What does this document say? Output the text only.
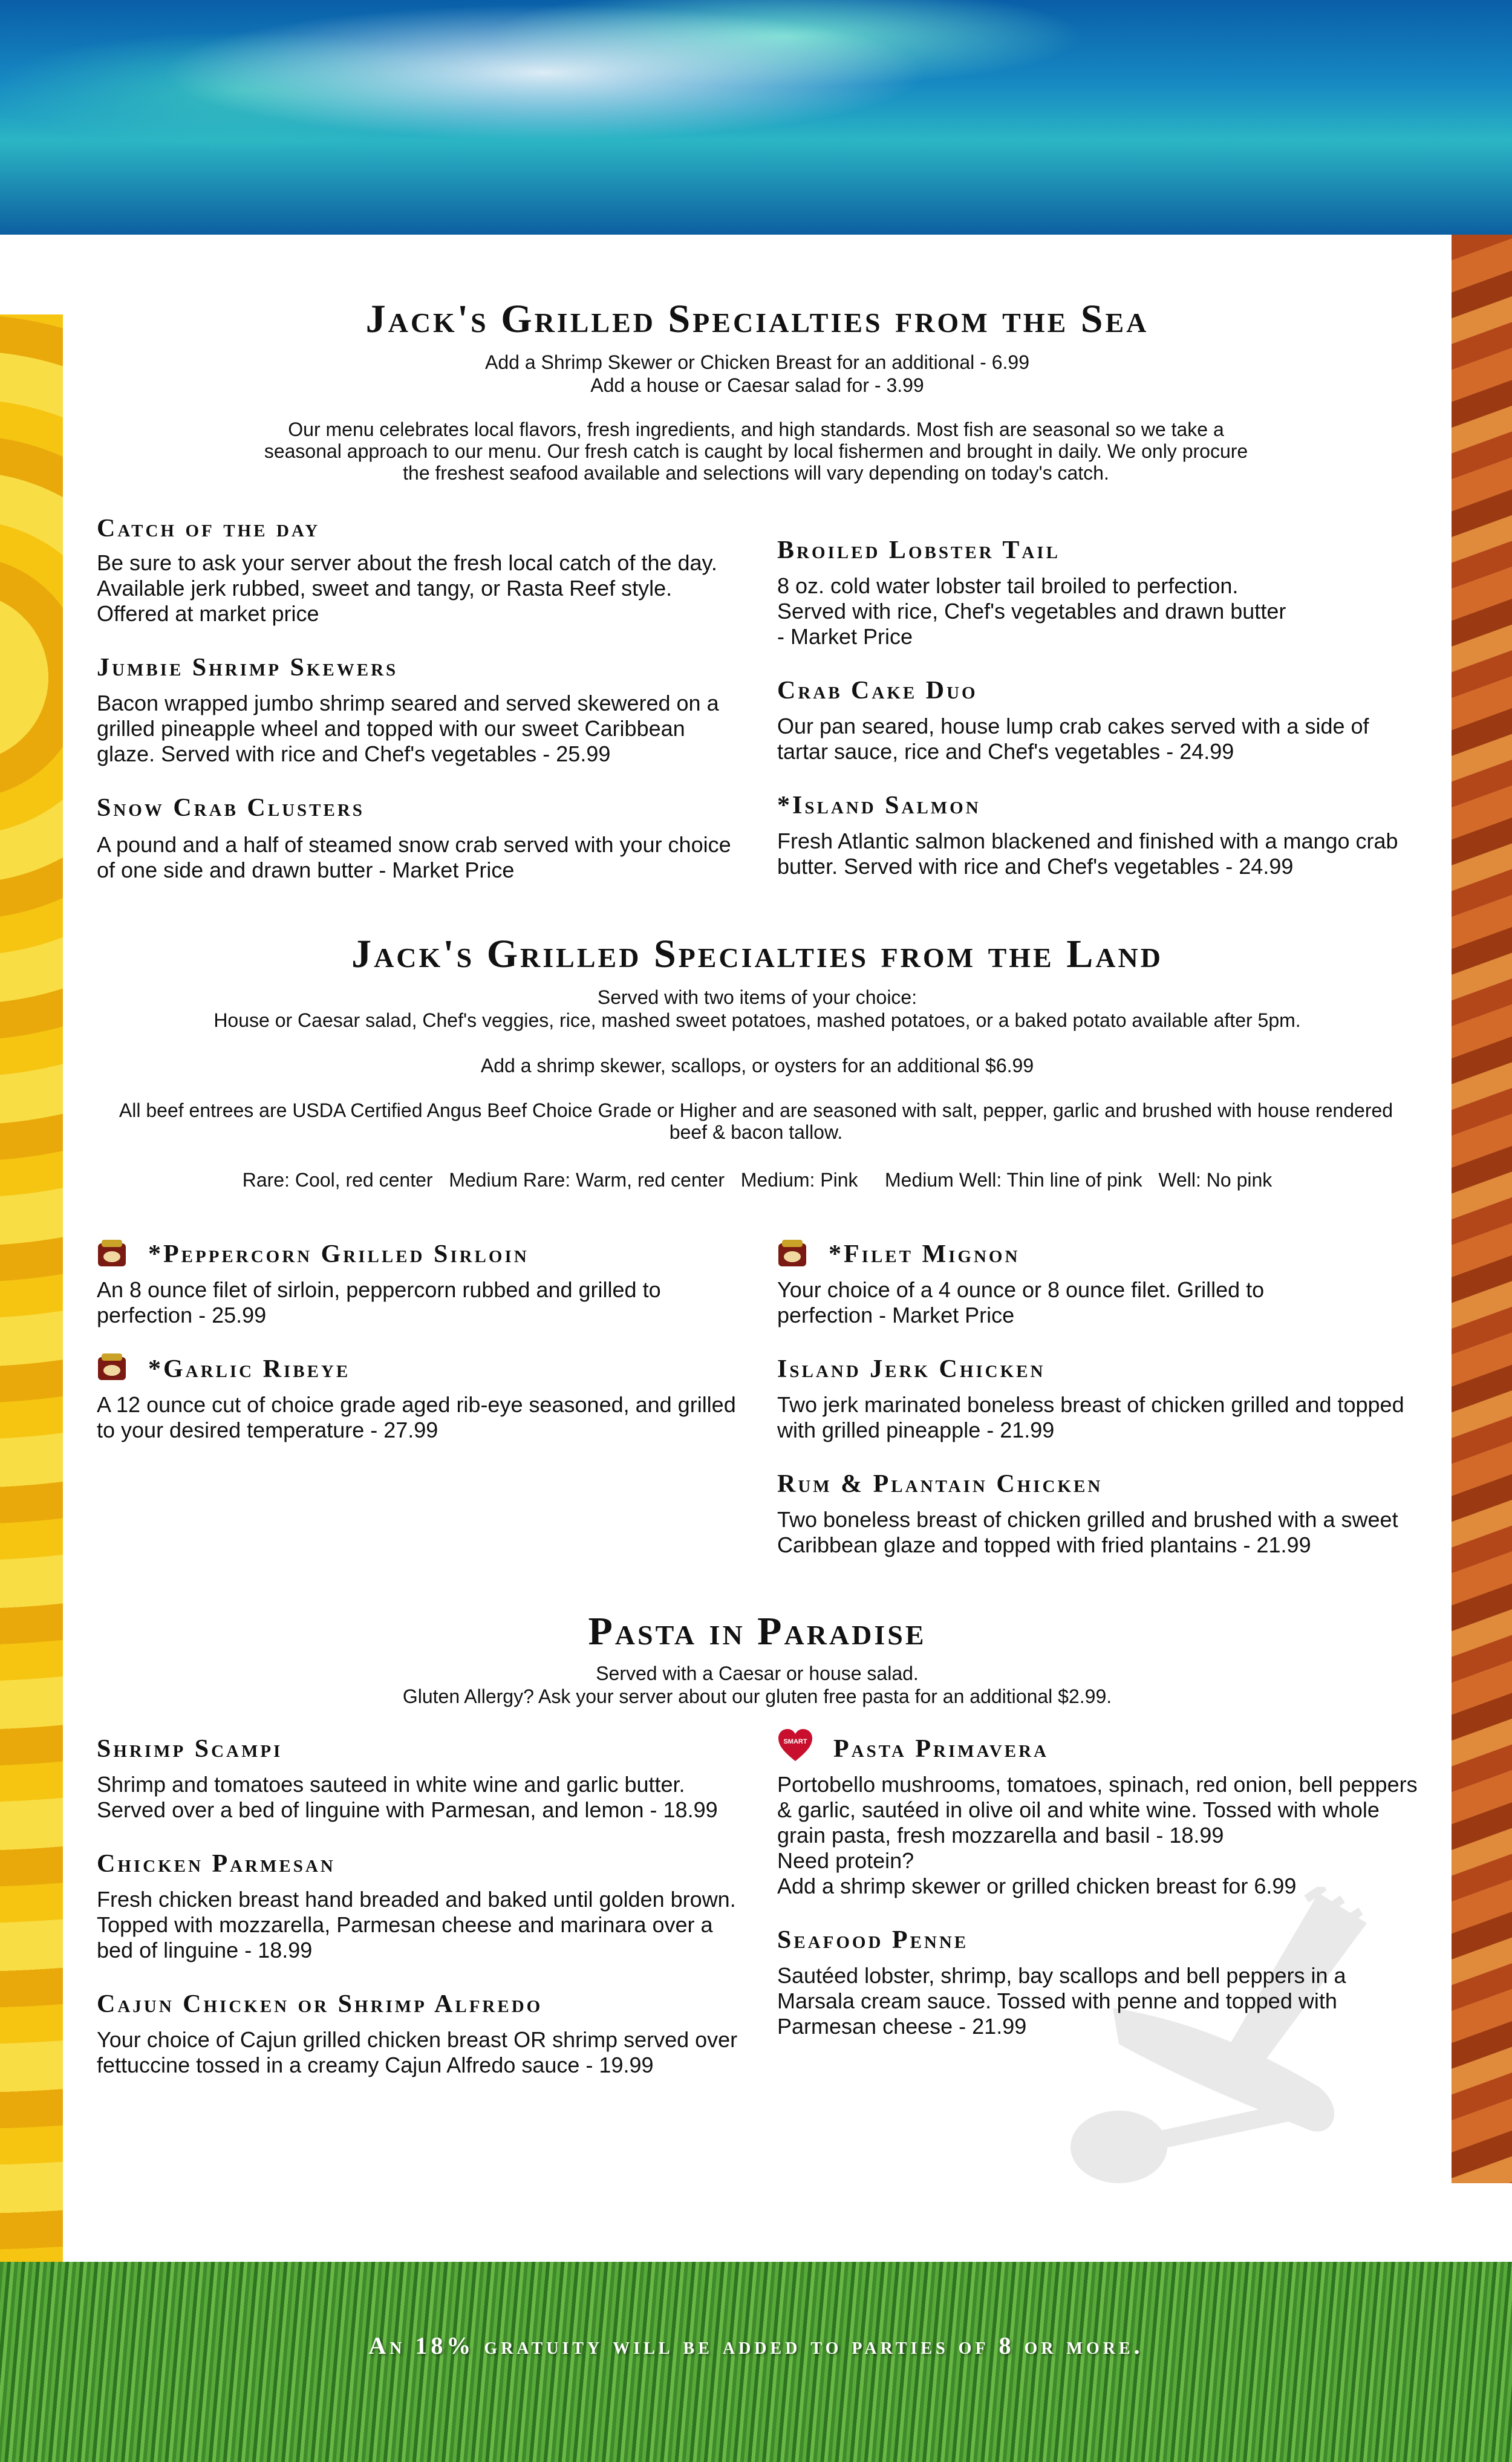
Jack's Grilled Specialties from the Sea
Add a Shrimp Skewer or Chicken Breast for an additional - 6.99
Add a house or Caesar salad for - 3.99
Our menu celebrates local flavors, fresh ingredients, and high standards. Most fish are seasonal so we take a seasonal approach to our menu. Our fresh catch is caught by local fishermen and brought in daily. We only procure the freshest seafood available and selections will vary depending on today's catch.
Catch of the day
Be sure to ask your server about the fresh local catch of the day. Available jerk rubbed, sweet and tangy, or Rasta Reef style. Offered at market price
Jumbie Shrimp Skewers
Bacon wrapped jumbo shrimp seared and served skewered on a grilled pineapple wheel and topped with our sweet Caribbean glaze. Served with rice and Chef's vegetables - 25.99
Snow Crab Clusters
A pound and a half of steamed snow crab served with your choice of one side and drawn butter - Market Price
Broiled Lobster Tail
8 oz. cold water lobster tail broiled to perfection. Served with rice, Chef's vegetables and drawn butter - Market Price
Crab Cake Duo
Our pan seared, house lump crab cakes served with a side of tartar sauce, rice and Chef's vegetables - 24.99
*Island Salmon
Fresh Atlantic salmon blackened and finished with a mango crab butter. Served with rice and Chef's vegetables - 24.99
Jack's Grilled Specialties from the Land
Served with two items of your choice:
House or Caesar salad, Chef's veggies, rice, mashed sweet potatoes, mashed potatoes, or a baked potato available after 5pm.
Add a shrimp skewer, scallops, or oysters for an additional $6.99
All beef entrees are USDA Certified Angus Beef Choice Grade or Higher and are seasoned with salt, pepper, garlic and brushed with house rendered beef & bacon tallow.
Rare: Cool, red center   Medium Rare: Warm, red center   Medium: Pink     Medium Well: Thin line of pink   Well: No pink
*Peppercorn Grilled Sirloin
An 8 ounce filet of sirloin, peppercorn rubbed and grilled to perfection - 25.99
*Garlic Ribeye
A 12 ounce cut of choice grade aged rib-eye seasoned, and grilled to your desired temperature - 27.99
*Filet Mignon
Your choice of a 4 ounce or 8 ounce filet. Grilled to perfection - Market Price
Island Jerk Chicken
Two jerk marinated boneless breast of chicken grilled and topped with grilled pineapple - 21.99
Rum & Plantain Chicken
Two boneless breast of chicken grilled and brushed with a sweet Caribbean glaze and topped with fried plantains - 21.99
Pasta in Paradise
Served with a Caesar or house salad.
Gluten Allergy? Ask your server about our gluten free pasta for an additional $2.99.
Shrimp Scampi
Shrimp and tomatoes sauteed in white wine and garlic butter. Served over a bed of linguine with Parmesan, and lemon - 18.99
Chicken Parmesan
Fresh chicken breast hand breaded and baked until golden brown. Topped with mozzarella, Parmesan cheese and marinara over a bed of linguine - 18.99
Cajun Chicken or Shrimp Alfredo
Your choice of Cajun grilled chicken breast OR shrimp served over fettuccine tossed in a creamy Cajun Alfredo sauce - 19.99
SMART Pasta Primavera
Portobello mushrooms, tomatoes, spinach, red onion, bell peppers & garlic, sautéed in olive oil and white wine. Tossed with whole grain pasta, fresh mozzarella and basil - 18.99
Need protein?
Add a shrimp skewer or grilled chicken breast for 6.99
Seafood Penne
Sautéed lobster, shrimp, bay scallops and bell peppers in a Marsala cream sauce. Tossed with penne and topped with Parmesan cheese - 21.99
An 18% gratuity will be added to parties of 8 or more.
